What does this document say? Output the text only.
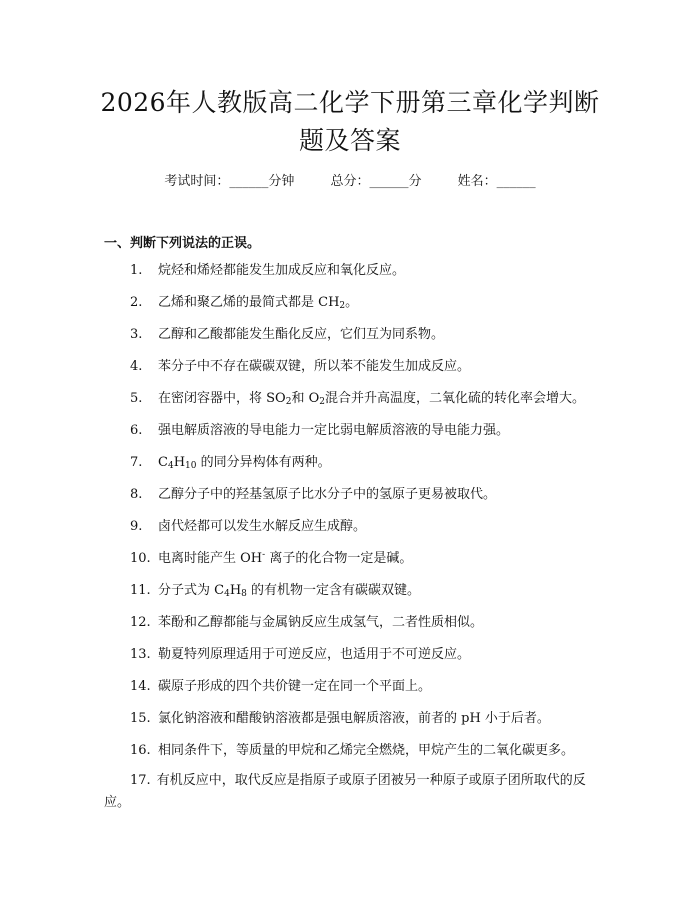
2026年人教版高二化学下册第三章化学判断
题及答案
考试时间：______分钟	总分：______分	姓名：______
一、判断下列说法的正误。
1. 烷烃和烯烃都能发生加成反应和氧化反应。
2. 乙烯和聚乙烯的最简式都是 $CH_2$。
3. 乙醇和乙酸都能发生酯化反应，它们互为同系物。
4. 苯分子中不存在碳碳双键，所以苯不能发生加成反应。
5. 在密闭容器中，将 $SO_2$和 $O_2$混合并升高温度，二氧化硫的转化率会增大。
6. 强电解质溶液的导电能力一定比弱电解质溶液的导电能力强。
7. $C_4H_{10}$ 的同分异构体有两种。
8. 乙醇分子中的羟基氢原子比水分子中的氢原子更易被取代。
9. 卤代烃都可以发生水解反应生成醇。
10. 电离时能产生 OH- 离子的化合物一定是碱。
11. 分子式为 $C_4H_8$ 的有机物一定含有碳碳双键。
12. 苯酚和乙醇都能与金属钠反应生成氢气，二者性质相似。
13. 勒夏特列原理适用于可逆反应，也适用于不可逆反应。
14. 碳原子形成的四个共价键一定在同一个平面上。
15. 氯化钠溶液和醋酸钠溶液都是强电解质溶液，前者的 pH 小于后者。
16. 相同条件下，等质量的甲烷和乙烯完全燃烧，甲烷产生的二氧化碳更多。
17. 有机反应中，取代反应是指原子或原子团被另一种原子或原子团所取代的反应。
